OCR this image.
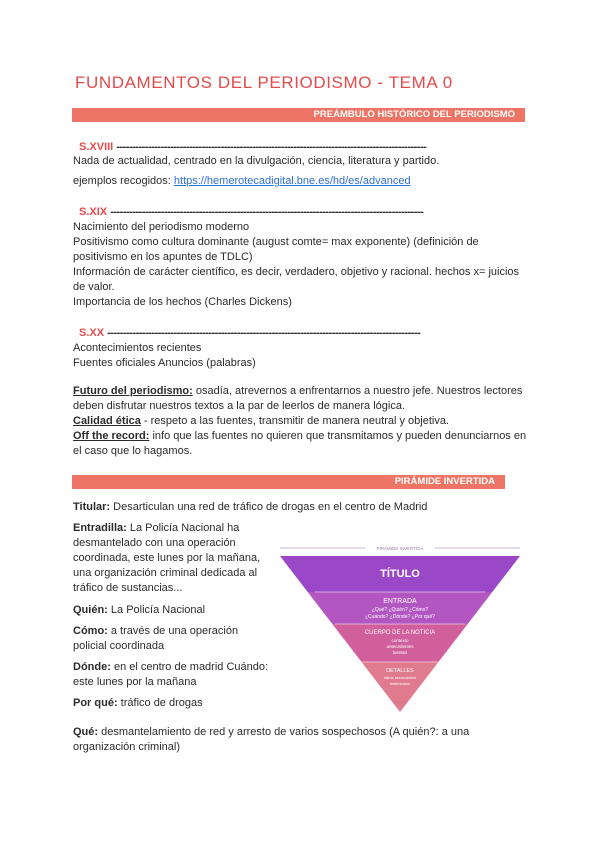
FUNDAMENTOS DEL PERIODISMO - TEMA 0
PREÁMBULO HISTÓRICO DEL PERIODISMO
S.XVIII --------------------------------------------------------------------------------------------------
Nada de actualidad, centrado en la divulgación, ciencia, literatura y partido.
ejemplos recogidos: https://hemerotecadigital.bne.es/hd/es/advanced
S.XIX ---------------------------------------------------------------------------------------------------
Nacimiento del periodismo moderno
Positivismo como cultura dominante (august comte= max exponente) (definición de positivismo en los apuntes de TDLC)
Información de carácter científico, es decir, verdadero, objetivo y racional. hechos x= juicios de valor.
Importancia de los hechos (Charles Dickens)
S.XX ---------------------------------------------------------------------------------------------------
Acontecimientos recientes
Fuentes oficiales Anuncios (palabras)
Futuro del periodismo: osadía, atrevernos a enfrentarnos a nuestro jefe. Nuestros lectores deben disfrutar nuestros textos a la par de leerlos de manera lógica.
Calidad ética - respeto a las fuentes, transmitir de manera neutral y objetiva.
Off the record: info que las fuentes no quieren que transmitamos y pueden denunciarnos en el caso que lo hagamos.
PIRÁMIDE INVERTIDA
Titular: Desarticulan una red de tráfico de drogas en el centro de Madrid
Entradilla: La Policía Nacional ha desmantelado con una operación coordinada, este lunes por la mañana, una organización criminal dedicada al tráfico de sustancias...
Quién: La Policía Nacional
Cómo: a través de una operación policial coordinada
Dónde: en el centro de madrid Cuándo: este lunes por la mañana
Por qué: tráfico de drogas
Qué: desmantelamiento de red y arresto de varios sospechosos (A quién?: a una organización criminal)
PIRÁMIDE INVERTIDA
TÍTULO
ENTRADA
¿Qué? ¿Quién? ¿Cómo?
¿Cuándo? ¿Dónde? ¿Por qué?
CUERPO DE LA NOTICIA
contexto
antecedentes
fuentes
DETALLES
datos secundarios
testimonios
